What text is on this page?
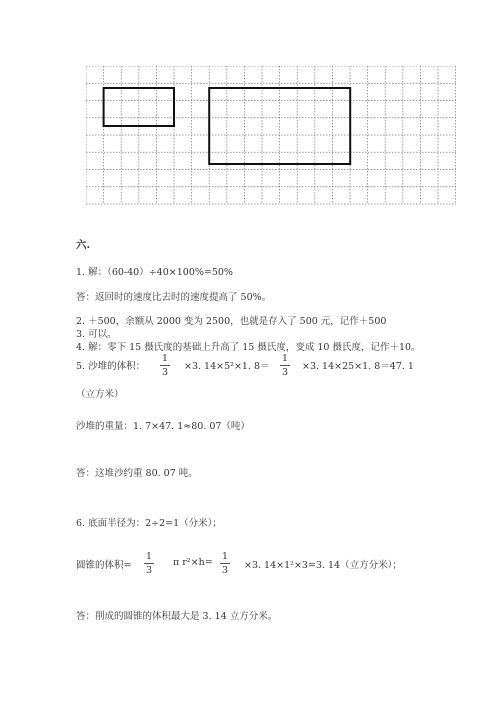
六.
1. 解：（60-40）÷40×100%=50%
答：返回时的速度比去时的速度提高了 50%。
2. ＋500，余额从 2000 变为 2500，也就是存入了 500 元，记作＋500
3. 可以。
4. 解：零下 15 摄氏度的基础上升高了 15 摄氏度，变成 10 摄氏度，记作＋10。
5. 沙堆的体积：
1
3
×3. 14×5²×1. 8＝
1
3
×3. 14×25×1. 8＝47. 1
（立方米）
沙堆的重量：1. 7×47. 1≈80. 07（吨）
答：这堆沙约重 80. 07 吨。
6. 底面半径为：2÷2=1（分米）；
圆锥的体积=
1
3
π r²×h=
1
3	×3. 14×1²×3=3. 14（立方分米）；
答：削成的圆锥的体积最大是 3. 14 立方分米。
